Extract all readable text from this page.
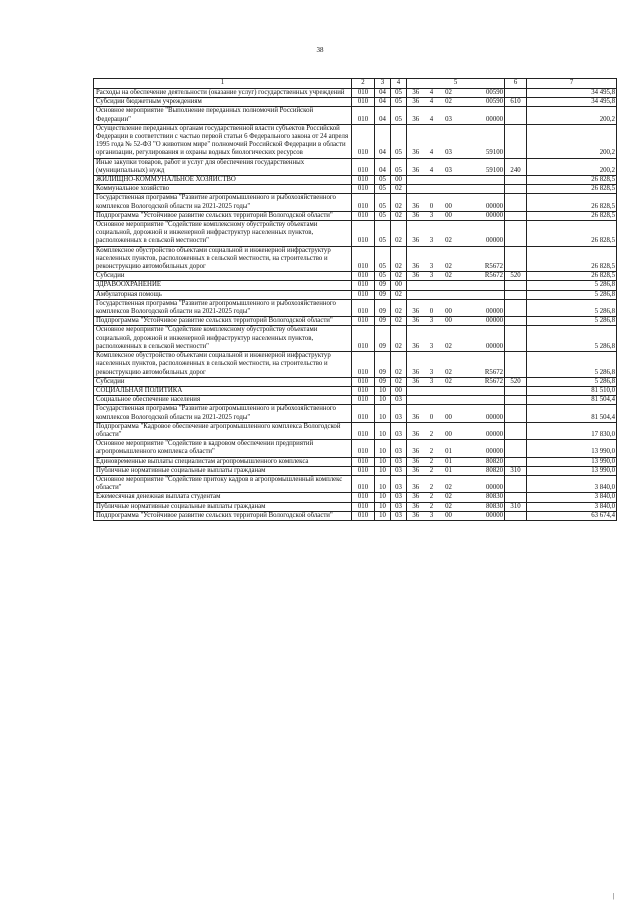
38
1	2	3	4	5				6	7
Расходы на обеспечение деятельности (оказание услуг) государственных учреждений	010	04	05	36	4	02	00590		34 495,8
Субсидии бюджетным учреждениям	010	04	05	36	4	02	00590	610	34 495,8
Основное мероприятие "Выполнение переданных полномочий Российской Федерации"	010	04	05	36	4	03	00000		200,2
Осуществление переданных органам государственной власти субъектов Российской Федерации в соответствии с частью первой статьи 6 Федерального закона от 24 апреля 1995 года № 52-ФЗ "О животном мире" полномочий Российской Федерации в области организации, регулирования и охраны водных биологических ресурсов	010	04	05	36	4	03	59100		200,2
Иные закупки товаров, работ и услуг для обеспечения государственных (муниципальных) нужд	010	04	05	36	4	03	59100	240	200,2
ЖИЛИЩНО-КОММУНАЛЬНОЕ ХОЗЯЙСТВО	010	05	00						26 828,5
Коммунальное хозяйство	010	05	02						26 828,5
Государственная программа "Развитие агропромышленного и рыбохозяйственного комплексов Вологодской области на 2021-2025 годы"	010	05	02	36	0	00	00000		26 828,5
Подпрограмма "Устойчивое развитие сельских территорий Вологодской области"	010	05	02	36	3	00	00000		26 828,5
Основное мероприятие "Содействие комплексному обустройству объектами социальной, дорожной и инженерной инфраструктур населенных пунктов, расположенных в сельской местности"	010	05	02	36	3	02	00000		26 828,5
Комплексное обустройство объектами социальной и инженерной инфраструктур населенных пунктов, расположенных в сельской местности, на строительство и реконструкцию автомобильных дорог	010	05	02	36	3	02	R5672		26 828,5
Субсидии	010	05	02	36	3	02	R5672	520	26 828,5
ЗДРАВООХРАНЕНИЕ	010	09	00						5 286,8
Амбулаторная помощь	010	09	02						5 286,8
Государственная программа "Развитие агропромышленного и рыбохозяйственного комплексов Вологодской области на 2021-2025 годы"	010	09	02	36	0	00	00000		5 286,8
Подпрограмма "Устойчивое развитие сельских территорий Вологодской области"	010	09	02	36	3	00	00000		5 286,8
Основное мероприятие "Содействие комплексному обустройству объектами социальной, дорожной и инженерной инфраструктур населенных пунктов, расположенных в сельской местности"	010	09	02	36	3	02	00000		5 286,8
Комплексное обустройство объектами социальной и инженерной инфраструктур населенных пунктов, расположенных в сельской местности, на строительство и реконструкцию автомобильных дорог	010	09	02	36	3	02	R5672		5 286,8
Субсидии	010	09	02	36	3	02	R5672	520	5 286,8
СОЦИАЛЬНАЯ ПОЛИТИКА	010	10	00						81 510,0
Социальное обеспечение населения	010	10	03						81 504,4
Государственная программа "Развитие агропромышленного и рыбохозяйственного комплексов Вологодской области на 2021-2025 годы"	010	10	03	36	0	00	00000		81 504,4
Подпрограмма "Кадровое обеспечение агропромышленного комплекса Вологодской области"	010	10	03	36	2	00	00000		17 830,0
Основное мероприятие "Содействие в кадровом обеспечении предприятий агропромышленного комплекса области"	010	10	03	36	2	01	00000		13 990,0
Единовременные выплаты специалистам агропромышленного комплекса	010	10	03	36	2	01	80820		13 990,0
Публичные нормативные социальные выплаты гражданам	010	10	03	36	2	01	80820	310	13 990,0
Основное мероприятие "Содействие притоку кадров в агропромышленный комплекс области"	010	10	03	36	2	02	00000		3 840,0
Ежемесячная денежная выплата студентам	010	10	03	36	2	02	80830		3 840,0
Публичные нормативные социальные выплаты гражданам	010	10	03	36	2	02	80830	310	3 840,0
Подпрограмма "Устойчивое развитие сельских территорий Вологодской области"	010	10	03	36	3	00	00000		63 674,4
|
